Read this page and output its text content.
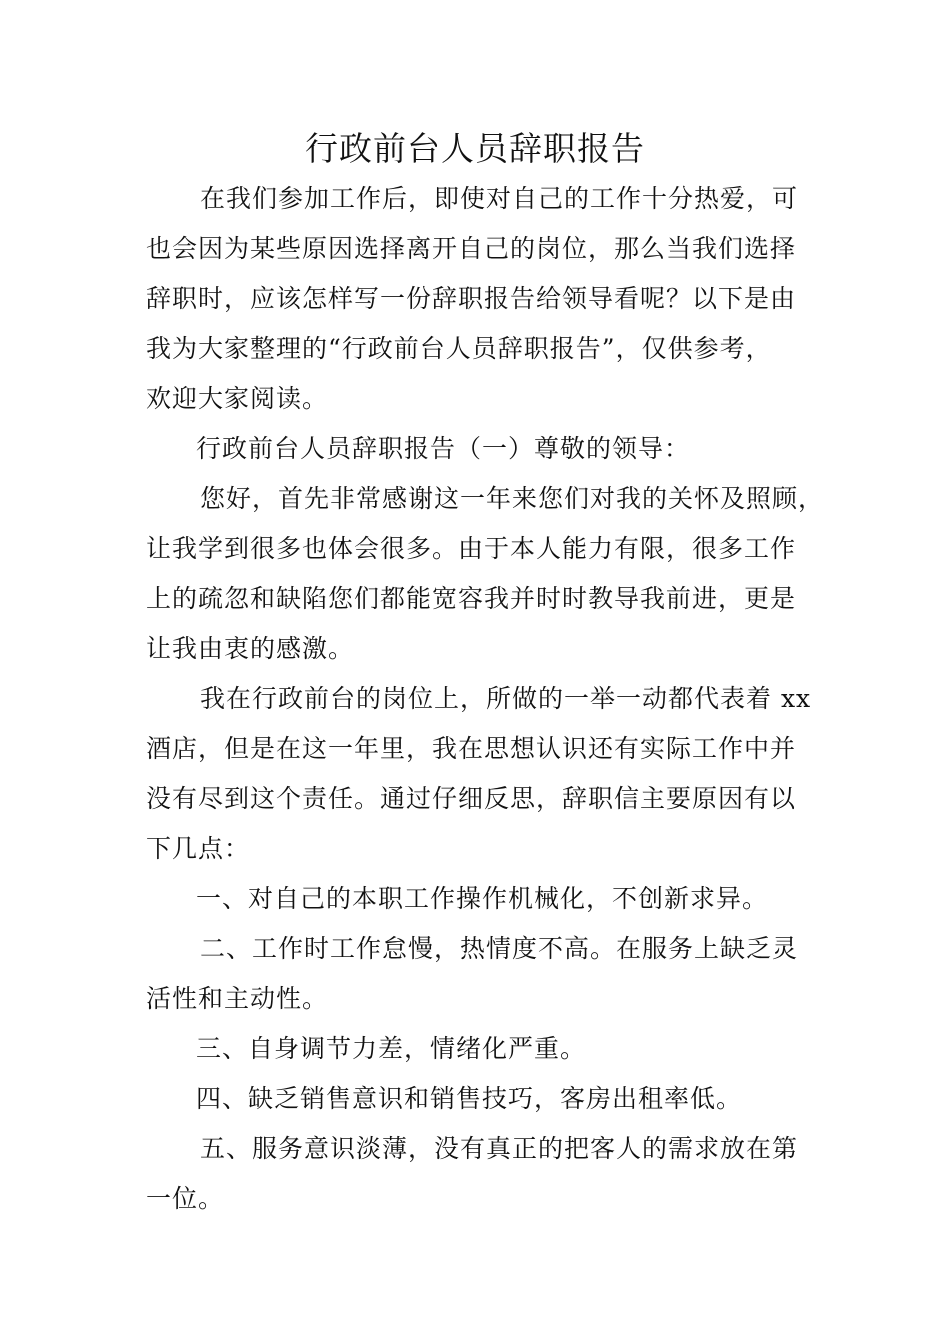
行政前台人员辞职报告
在我们参加工作后，即使对自己的工作十分热爱，可
也会因为某些原因选择离开自己的岗位，那么当我们选择
辞职时，应该怎样写一份辞职报告给领导看呢？以下是由
我为大家整理的“行政前台人员辞职报告”，仅供参考，
欢迎大家阅读。
行政前台人员辞职报告（一）尊敬的领导：
您好，首先非常感谢这一年来您们对我的关怀及照顾，
让我学到很多也体会很多。由于本人能力有限，很多工作
上的疏忽和缺陷您们都能宽容我并时时教导我前进，更是
让我由衷的感激。
我在行政前台的岗位上，所做的一举一动都代表着 xx
酒店，但是在这一年里，我在思想认识还有实际工作中并
没有尽到这个责任。通过仔细反思，辞职信主要原因有以
下几点：
一、对自己的本职工作操作机械化，不创新求异。
二、工作时工作怠慢，热情度不高。在服务上缺乏灵
活性和主动性。
三、自身调节力差，情绪化严重。
四、缺乏销售意识和销售技巧，客房出租率低。
五、服务意识淡薄，没有真正的把客人的需求放在第
一位。
